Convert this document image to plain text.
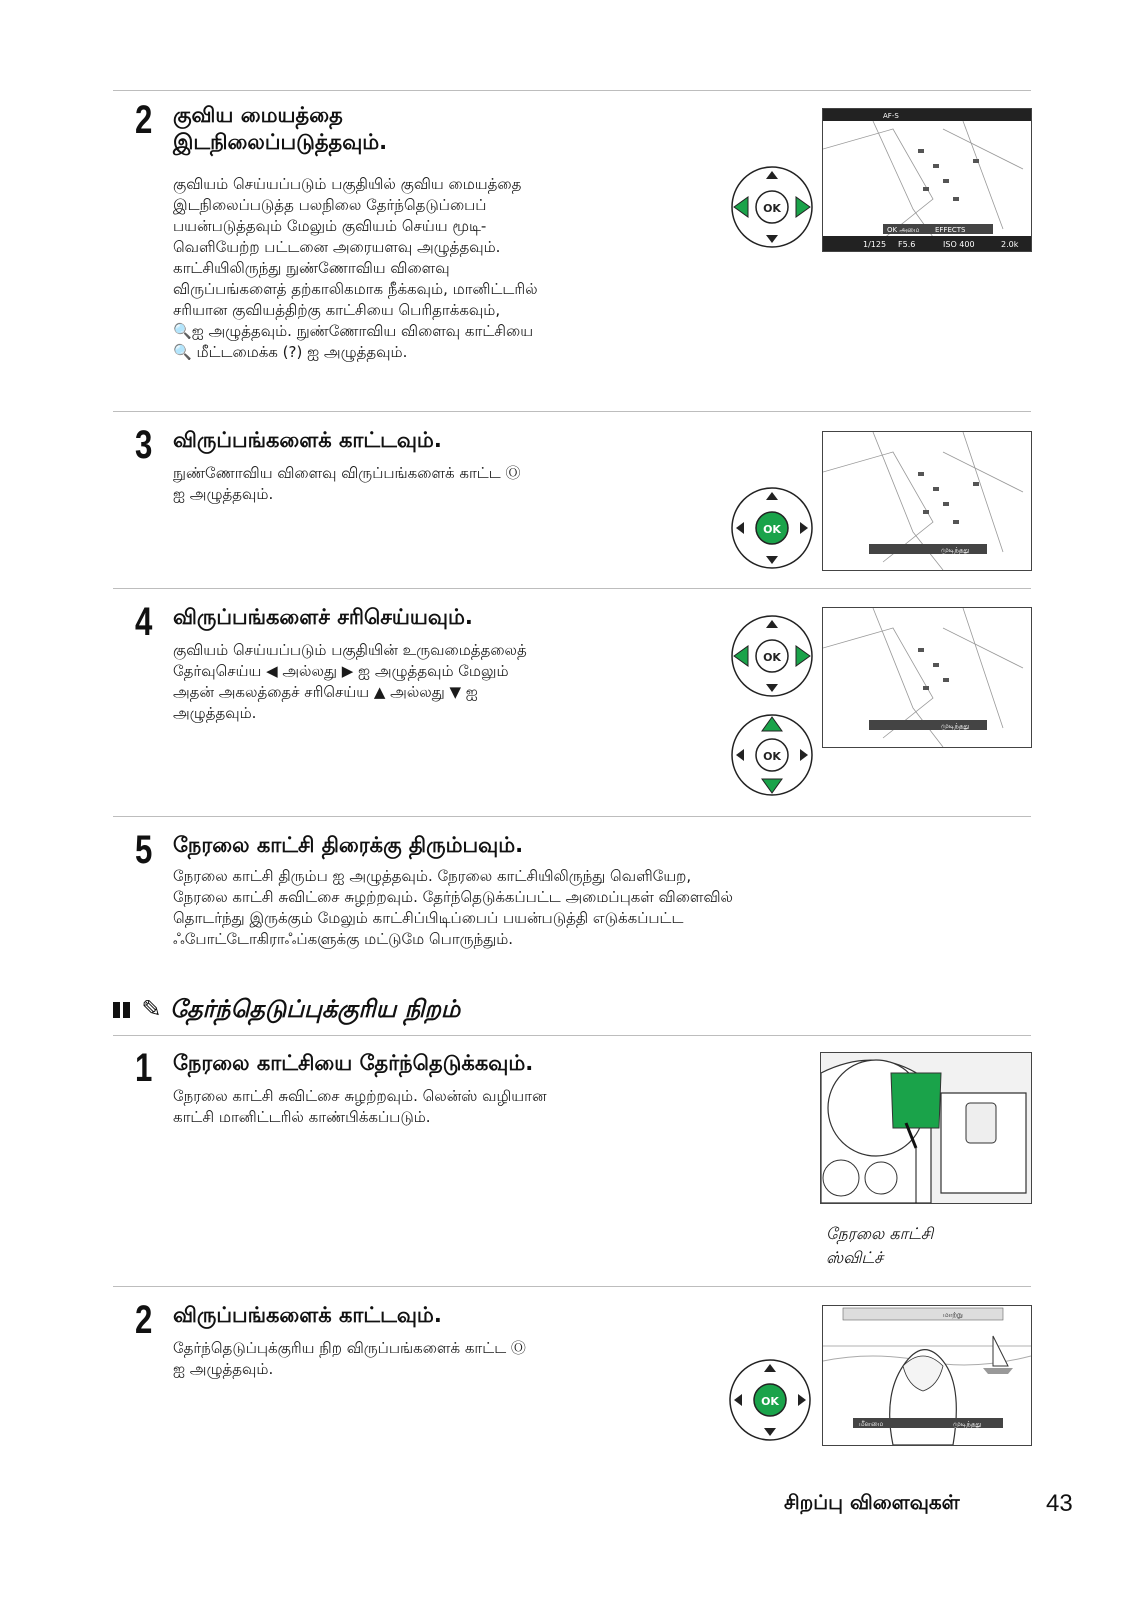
2 குவிய மையத்தை
இடநிலைப்படுத்தவும்.

குவியம் செய்யப்படும் பகுதியில் குவிய மையத்தை

இடநிலைப்படுத்த பலநிலை தேர்ந்தெடுப்பைப்

பயன்படுத்தவும் மேலும் குவியம் செய்ய மூடி-

வெளியேற்ற பட்டனை அரையளவு அழுத்தவும்.

காட்சியிலிருந்து நுண்ணோவிய விளைவு

விருப்பங்களைத் தற்காலிகமாக நீக்கவும், மானிட்டரில்

சரியான குவியத்திற்கு காட்சியை பெரிதாக்கவும்,

🔍ஐ அழுத்தவும். நுண்ணோவிய விளைவு காட்சியை

🔍 மீட்டமைக்க (?) ஐ அழுத்தவும்.

OK
AF-S
OK அமை EFFECTS
1/125 F5.6	ISO 400	2.0k
3 விருப்பங்களைக் காட்டவும்.

நுண்ணோவிய விளைவு விருப்பங்களைக் காட்ட Ⓞ

ஐ அழுத்தவும்.

OK
முடிந்தது
4 விருப்பங்களைச் சரிசெய்யவும்.

குவியம் செய்யப்படும் பகுதியின் உருவமைத்தலைத்

தேர்வுசெய்ய ◀ அல்லது ▶ ஐ அழுத்தவும் மேலும்

அதன் அகலத்தைச் சரிசெய்ய ▲ அல்லது ▼ ஐ

அழுத்தவும்.

OK
OK
முடிந்தது
5 நேரலை காட்சி திரைக்கு திரும்பவும்.

நேரலை காட்சி திரும்ப ஐ அழுத்தவும். நேரலை காட்சியிலிருந்து வெளியேற,

நேரலை காட்சி சுவிட்சை சுழற்றவும். தேர்ந்தெடுக்கப்பட்ட அமைப்புகள் விளைவில்

தொடர்ந்து இருக்கும் மேலும் காட்சிப்பிடிப்பைப் பயன்படுத்தி எடுக்கப்பட்ட

ஃபோட்டோகிராஃப்களுக்கு மட்டுமே பொருந்தும்.

✎ தேர்ந்தெடுப்புக்குரிய நிறம்
1 நேரலை காட்சியை தேர்ந்தெடுக்கவும்.

நேரலை காட்சி சுவிட்சை சுழற்றவும். லென்ஸ் வழியான

காட்சி மானிட்டரில் காண்பிக்கப்படும்.

நேரலை காட்சி
ஸ்விட்ச்
2 விருப்பங்களைக் காட்டவும்.

தேர்ந்தெடுப்புக்குரிய நிற விருப்பங்களைக் காட்ட Ⓞ

ஐ அழுத்தவும்.

OK
மாற்று
மீளமை	முடிந்தது
சிறப்பு விளைவுகள்	43
